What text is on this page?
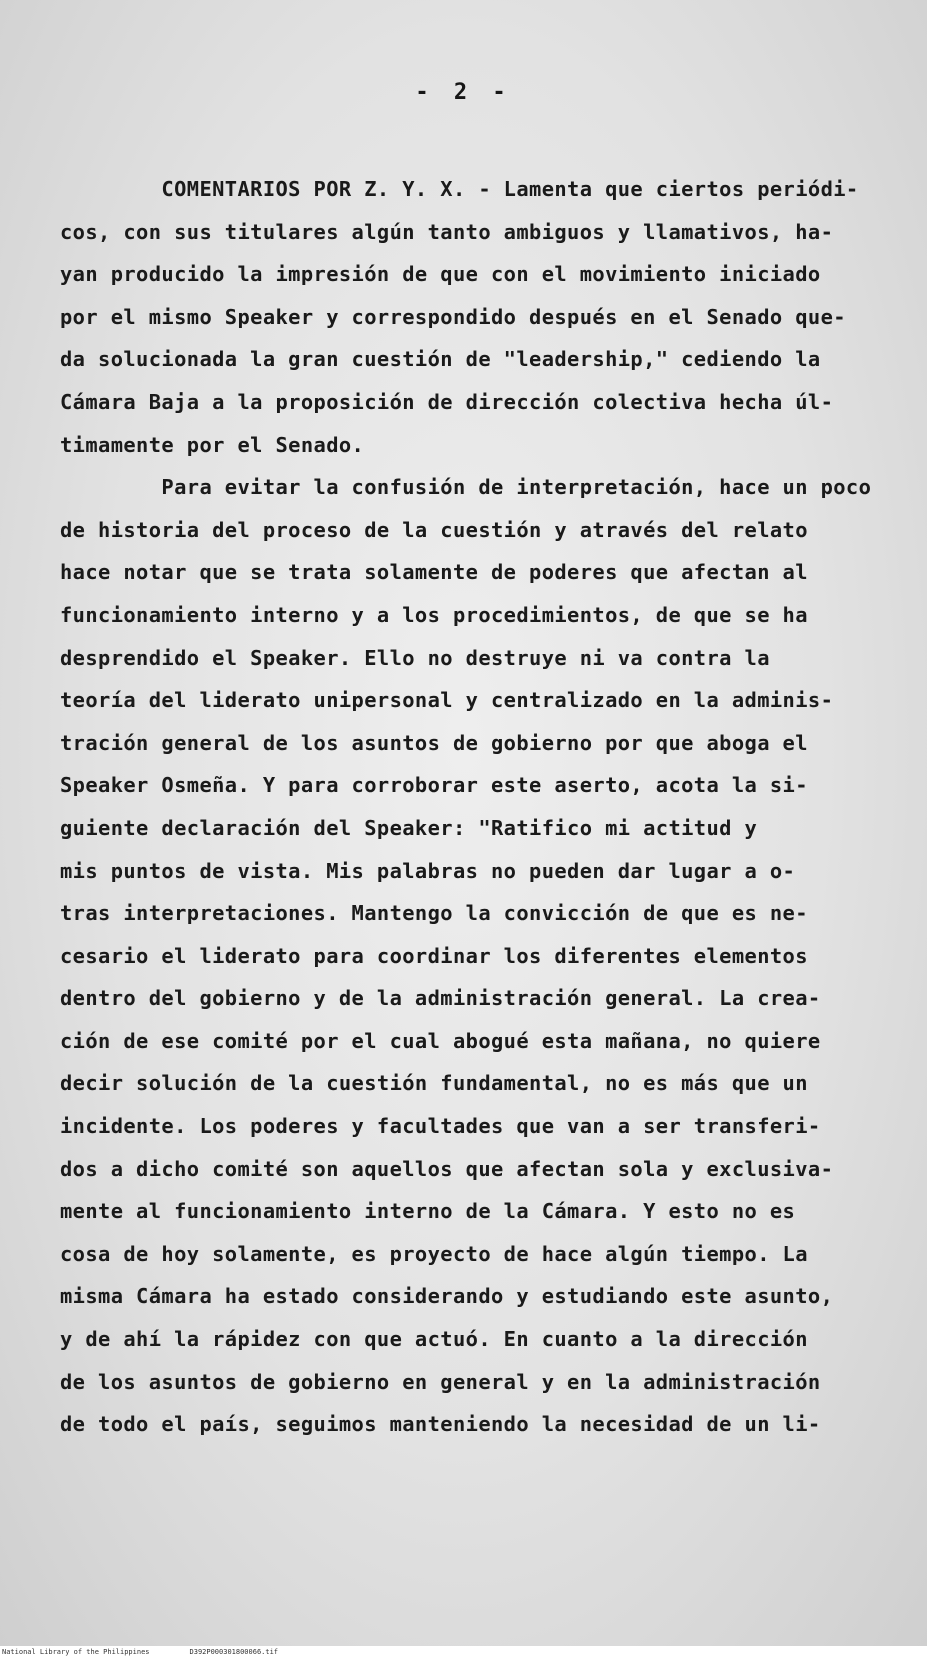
- 2 -
COMENTARIOS POR Z. Y. X. - Lamenta que ciertos periódi-
cos, con sus titulares algún tanto ambiguos y llamativos, ha-
yan producido la impresión de que con el movimiento iniciado
por el mismo Speaker y correspondido después en el Senado que-
da solucionada la gran cuestión de "leadership," cediendo la
Cámara Baja a la proposición de dirección colectiva hecha úl-
timamente por el Senado.
Para evitar la confusión de interpretación, hace un poco
de historia del proceso de la cuestión y através del relato
hace notar que se trata solamente de poderes que afectan al
funcionamiento interno y a los procedimientos, de que se ha
desprendido el Speaker. Ello no destruye ni va contra la
teoría del liderato unipersonal y centralizado en la adminis-
tración general de los asuntos de gobierno por que aboga el
Speaker Osmeña. Y para corroborar este aserto, acota la si-
guiente declaración del Speaker: "Ratifico mi actitud y
mis puntos de vista. Mis palabras no pueden dar lugar a o-
tras interpretaciones. Mantengo la convicción de que es ne-
cesario el liderato para coordinar los diferentes elementos
dentro del gobierno y de la administración general. La crea-
ción de ese comité por el cual abogué esta mañana, no quiere
decir solución de la cuestión fundamental, no es más que un
incidente. Los poderes y facultades que van a ser transferi-
dos a dicho comité son aquellos que afectan sola y exclusiva-
mente al funcionamiento interno de la Cámara. Y esto no es
cosa de hoy solamente, es proyecto de hace algún tiempo. La
misma Cámara ha estado considerando y estudiando este asunto,
y de ahí la rápidez con que actuó. En cuanto a la dirección
de los asuntos de gobierno en general y en la administración
de todo el país, seguimos manteniendo la necesidad de un li-
National Library of the Philippines	D392P000301800066.tif
